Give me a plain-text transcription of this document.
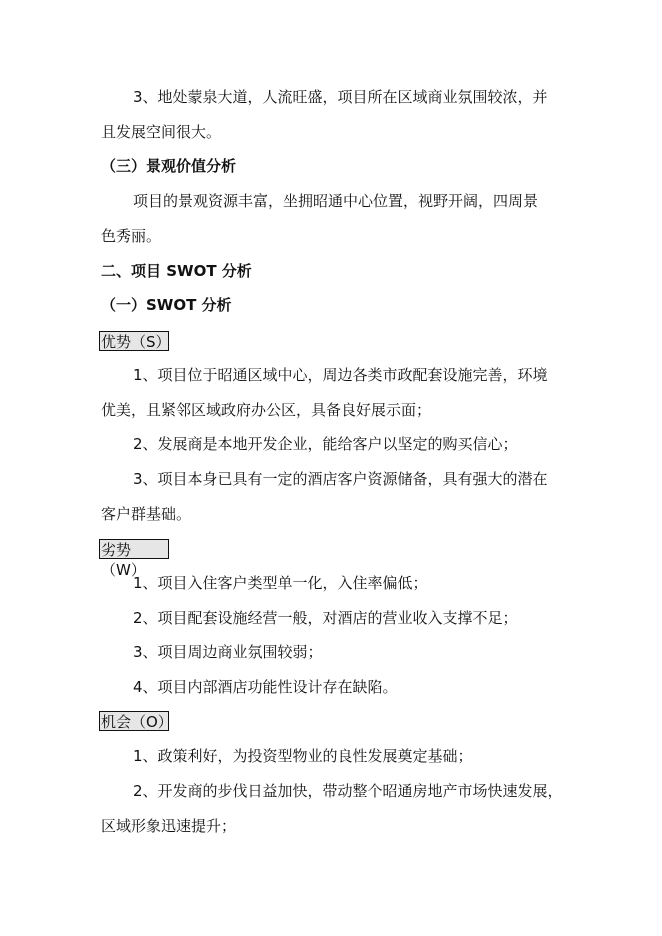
3、地处蒙泉大道，人流旺盛，项目所在区域商业氛围较浓，并
且发展空间很大。
（三）景观价值分析
项目的景观资源丰富，坐拥昭通中心位置，视野开阔，四周景
色秀丽。
二、项目 SWOT 分析
（一）SWOT 分析
优势（S）
1、项目位于昭通区域中心，周边各类市政配套设施完善，环境
优美，且紧邻区域政府办公区，具备良好展示面；
2、发展商是本地开发企业，能给客户以坚定的购买信心；
3、项目本身已具有一定的酒店客户资源储备，具有强大的潜在
客户群基础。
劣势（W）
1、项目入住客户类型单一化，入住率偏低；
2、项目配套设施经营一般，对酒店的营业收入支撑不足；
3、项目周边商业氛围较弱；
4、项目内部酒店功能性设计存在缺陷。
机会（O）
1、政策利好，为投资型物业的良性发展奠定基础；
2、开发商的步伐日益加快，带动整个昭通房地产市场快速发展，
区域形象迅速提升；
